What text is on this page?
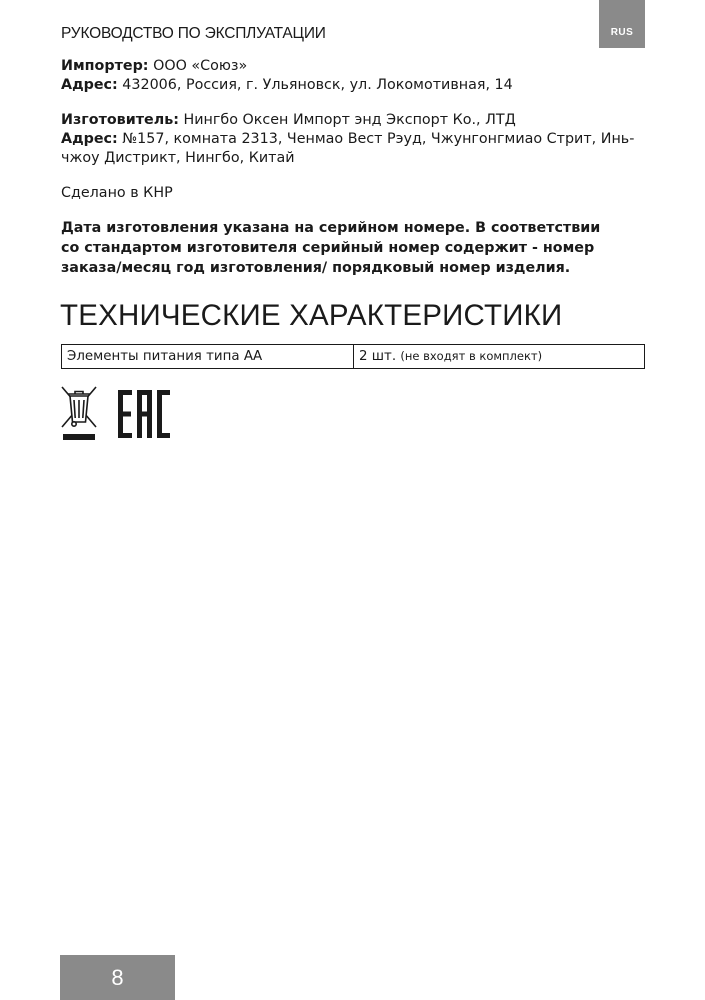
РУКОВОДСТВО ПО ЭКСПЛУАТАЦИИ	RUS

Импортер: ООО «Союз»

Адрес: 432006, Россия, г. Ульяновск, ул. Локомотивная, 14

Изготовитель: Нингбо Оксен Импорт энд Экспорт Ко., ЛТД

Адрес: №157, комната 2313, Ченмао Вест Рэуд, Чжунгонгмиао Стрит, Инь-

чжоу Дистрикт, Нингбо, Китай

Сделано в КНР

Дата изготовления указана на серийном номере. В соответствии

со стандартом изготовителя серийный номер содержит - номер

заказа/месяц год изготовления/ порядковый номер изделия.

ТЕХНИЧЕСКИЕ ХАРАКТЕРИСТИКИ
Элементы питания типа АА	2 шт. (не входят в комплект)
8
